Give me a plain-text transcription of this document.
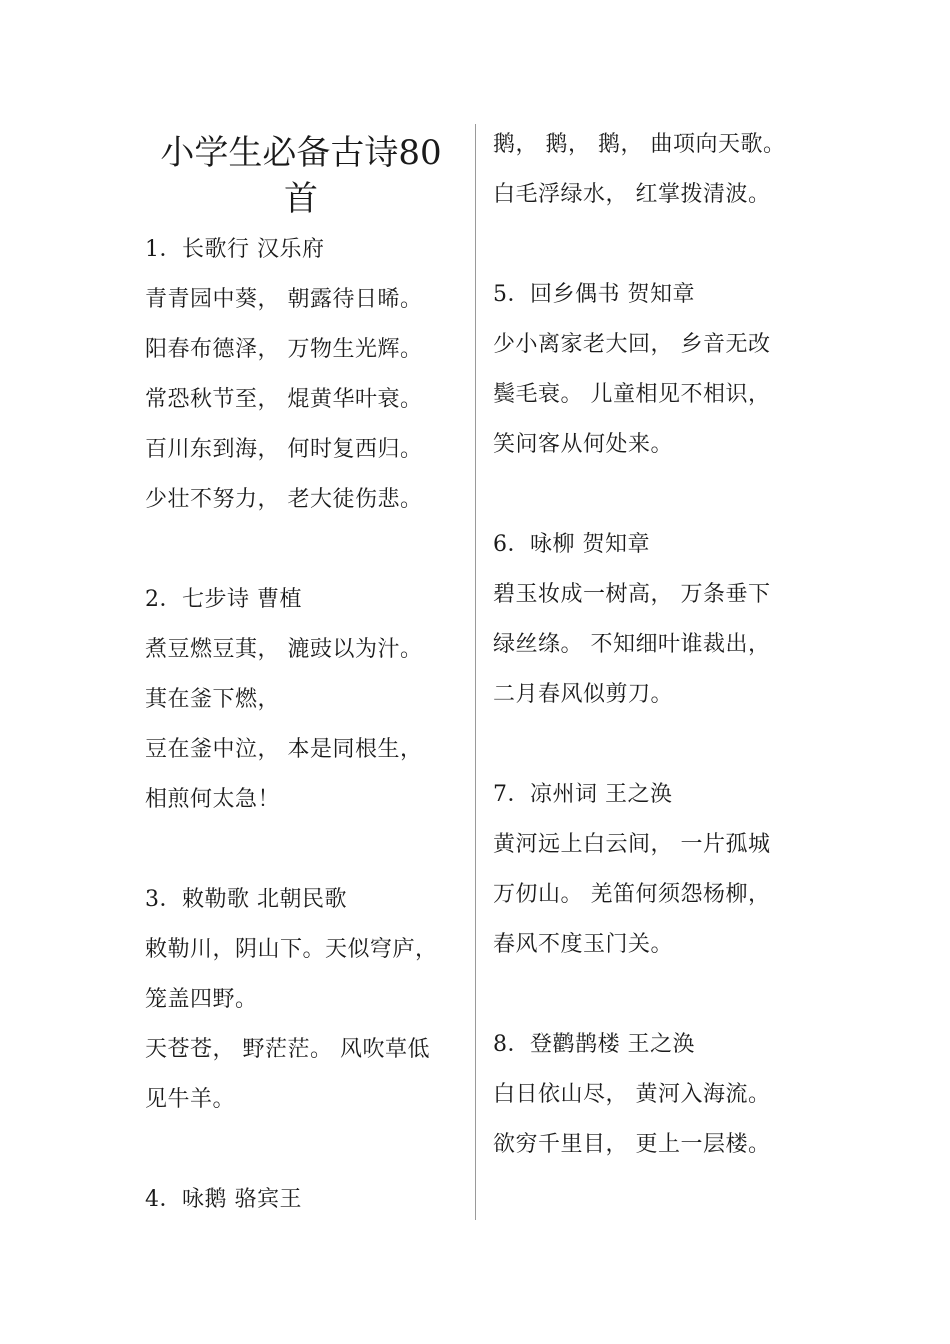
小学生必备古诗80
首
1．长歌行 汉乐府
青青园中葵， 朝露待日晞。
阳春布德泽， 万物生光辉。
常恐秋节至， 焜黄华叶衰。
百川东到海， 何时复西归。
少壮不努力， 老大徒伤悲。
2．七步诗 曹植
煮豆燃豆萁， 漉豉以为汁。
萁在釜下燃，
豆在釜中泣， 本是同根生，
相煎何太急！
3．敕勒歌 北朝民歌
敕勒川，阴山下。天似穹庐，
笼盖四野。
天苍苍， 野茫茫。 风吹草低
见牛羊。
4．咏鹅 骆宾王
鹅， 鹅， 鹅， 曲项向天歌。
白毛浮绿水， 红掌拨清波。
5．回乡偶书 贺知章
少小离家老大回， 乡音无改
鬓毛衰。 儿童相见不相识，
笑问客从何处来。
6．咏柳 贺知章
碧玉妆成一树高， 万条垂下
绿丝绦。 不知细叶谁裁出，
二月春风似剪刀。
7．凉州词 王之涣
黄河远上白云间， 一片孤城
万仞山。 羌笛何须怨杨柳，
春风不度玉门关。
8．登鹳鹊楼 王之涣
白日依山尽， 黄河入海流。
欲穷千里目， 更上一层楼。
